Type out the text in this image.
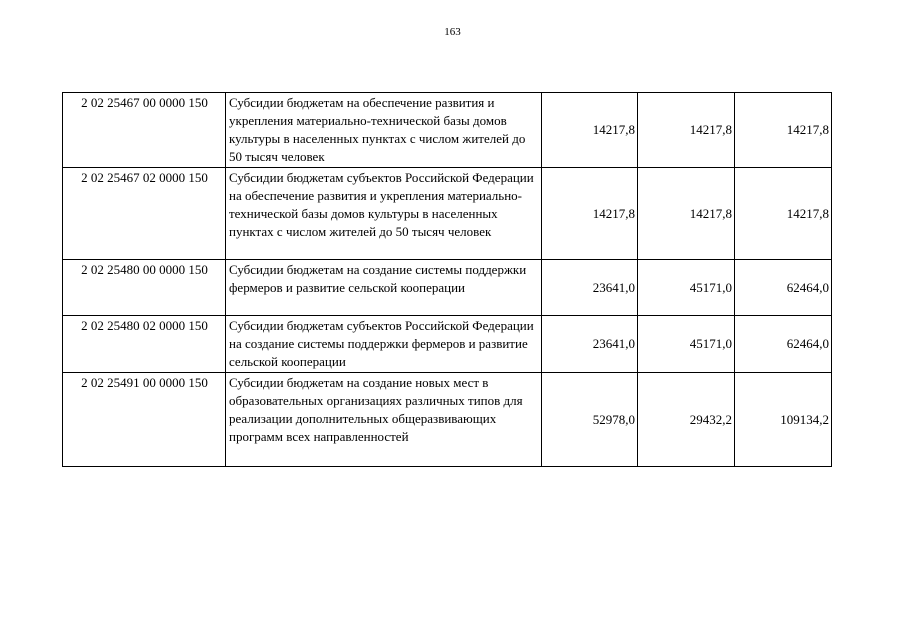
163
2 02 25467 00 0000 150	Субсидии бюджетам на обеспечение развития и укрепления материально-технической базы домов культуры в населенных пунктах с числом жителей до 50 тысяч человек	14217,8	14217,8	14217,8
2 02 25467 02 0000 150	Субсидии бюджетам субъектов Российской Федерации на обеспечение развития и укрепления материально-технической базы домов культуры в населенных пунктах с числом жителей до 50 тысяч человек	14217,8	14217,8	14217,8
2 02 25480 00 0000 150	Субсидии бюджетам на создание системы поддержки фермеров и развитие сельской кооперации	23641,0	45171,0	62464,0
2 02 25480 02 0000 150	Субсидии бюджетам субъектов Российской Федерации на создание системы поддержки фермеров и развитие сельской кооперации	23641,0	45171,0	62464,0
2 02 25491 00 0000 150	Субсидии бюджетам на создание новых мест в образовательных организациях различных типов для реализации дополнительных общеразвивающих программ всех направленностей	52978,0	29432,2	109134,2
